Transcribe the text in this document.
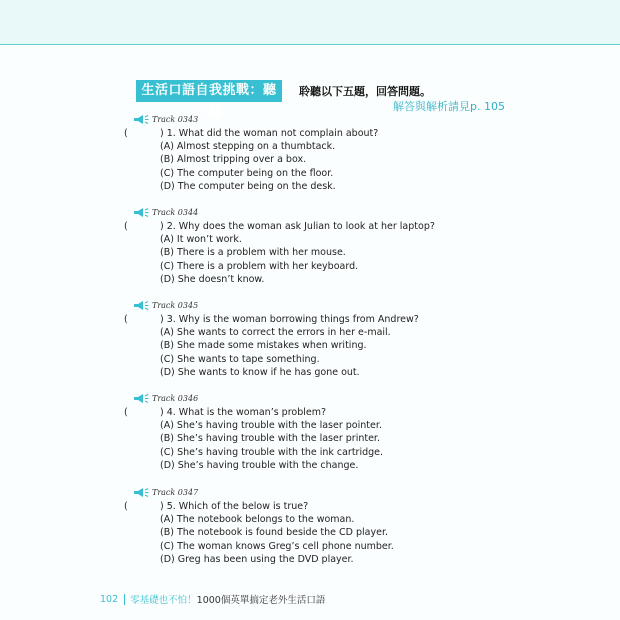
生活口語自我挑戰：聽力篇
聆聽以下五題，回答問題。
解答與解析請見p. 105
Track 0343
(	) 1. What did the woman not complain about?
(A) Almost stepping on a thumbtack.
(B) Almost tripping over a box.
(C) The computer being on the floor.
(D) The computer being on the desk.
Track 0344
(	) 2. Why does the woman ask Julian to look at her laptop?
(A) It won’t work.
(B) There is a problem with her mouse.
(C) There is a problem with her keyboard.
(D) She doesn’t know.
Track 0345
(	) 3. Why is the woman borrowing things from Andrew?
(A) She wants to correct the errors in her e-mail.
(B) She made some mistakes when writing.
(C) She wants to tape something.
(D) She wants to know if he has gone out.
Track 0346
(	) 4. What is the woman’s problem?
(A) She’s having trouble with the laser pointer.
(B) She’s having trouble with the laser printer.
(C) She’s having trouble with the ink cartridge.
(D) She’s having trouble with the change.
Track 0347
(	) 5. Which of the below is true?
(A) The notebook belongs to the woman.
(B) The notebook is found beside the CD player.
(C) The woman knows Greg’s cell phone number.
(D) Greg has been using the DVD player.
102 零基礎也不怕！ 1000個英單搞定老外生活口語
